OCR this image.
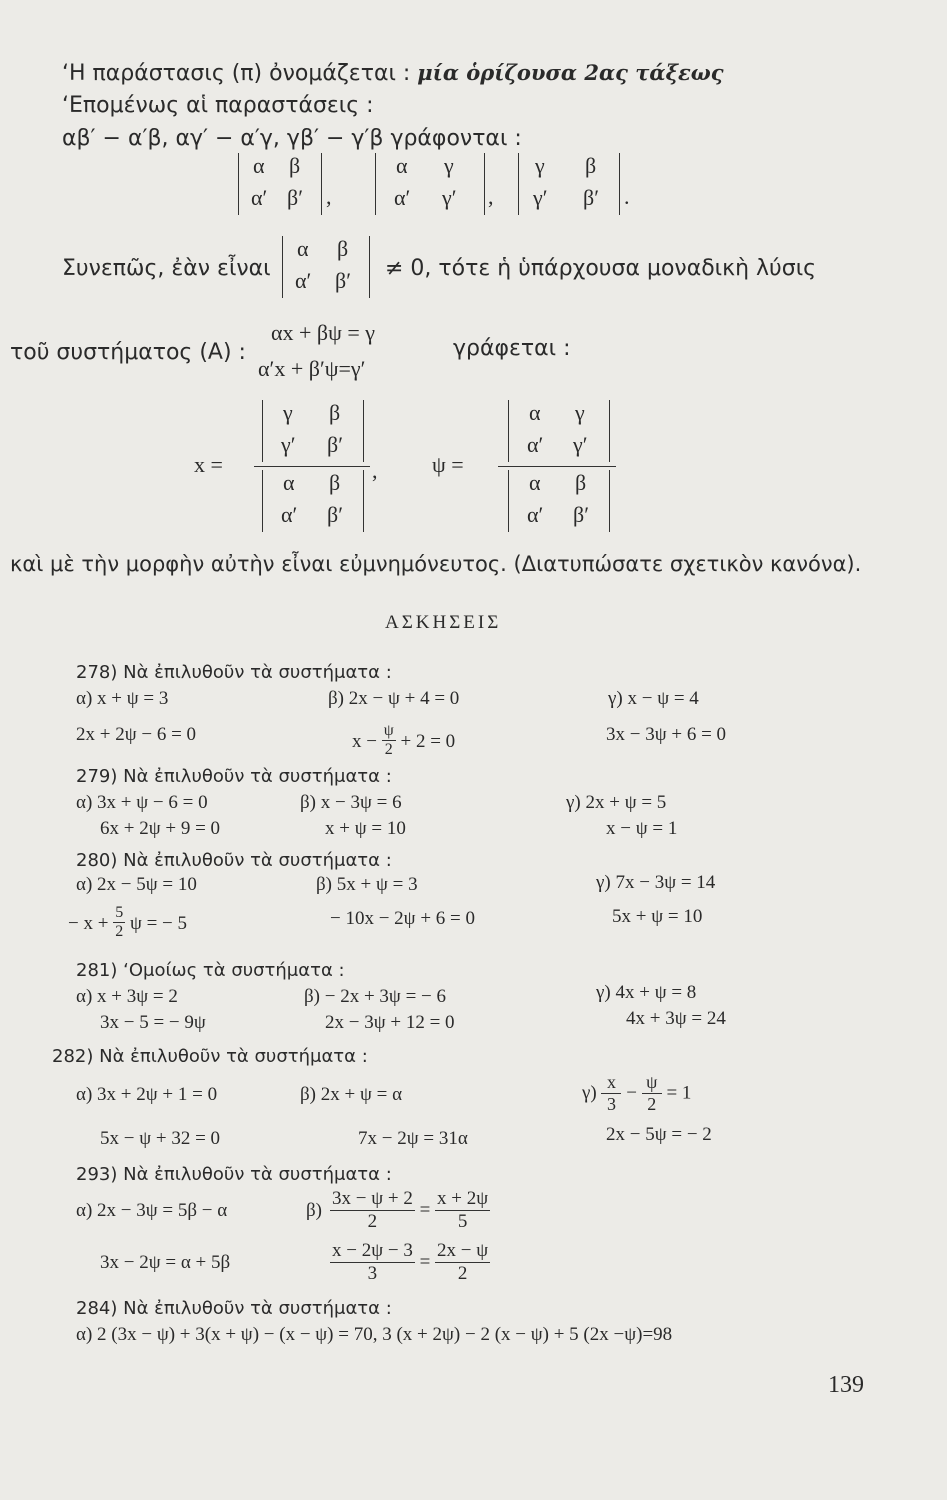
‘Η παράστασις (π) ὀνομάζεται : μία ὁρίζουσα 2ας τάξεως
‘Επομένως αἱ παραστάσεις :
αβ′ − α′β, αγ′ − α′γ, γβ′ − γ′β γράφονται :
α β
α′ β′ ,
α γ
α′ γ′ ,
γ β
γ′ β′ .
Συνεπῶς, ἐὰν εἶναι
α β
α′ β′ ≠ 0, τότε ἡ ὑπάρχουσα μοναδικὴ λύσις
τοῦ συστήματος (Α) :
αx + βψ = γ
α′x + β′ψ=γ′
γράφεται :
x =
γ β
γ′ β′
α β
α′ β′
, ψ =
α γ
α′ γ′
α β
α′ β′
καὶ μὲ τὴν μορφὴν αὐτὴν εἶναι εὐμνημόνευτος. (Διατυπώσατε σχετικὸν κανόνα).
ΑΣΚΗΣΕΙΣ
278) Νὰ ἐπιλυθοῦν τὰ συστήματα :
α) x + ψ = 3
2x + 2ψ − 6 = 0
β) 2x − ψ + 4 = 0
$x - \frac{\psi}{2} + 2 = 0$
γ) x − ψ = 4
3x − 3ψ + 6 = 0
279) Νὰ ἐπιλυθοῦν τὰ συστήματα :
α) 3x + ψ − 6 = 0
6x + 2ψ + 9 = 0
β) x − 3ψ = 6
x + ψ = 10
γ) 2x + ψ = 5
x − ψ = 1
280) Νὰ ἐπιλυθοῦν τὰ συστήματα :
α) 2x − 5ψ = 10
− $x + \frac{5}{2}$ ψ = − 5
β) 5x + ψ = 3
− 10x − 2ψ + 6 = 0
γ) 7x − 3ψ = 14
5x + ψ = 10
281) ‘Ομοίως τὰ συστήματα :
α) x + 3ψ = 2
3x − 5 = − 9ψ
β) − 2x + 3ψ = − 6
2x − 3ψ + 12 = 0
γ) 4x + ψ = 8
4x + 3ψ = 24
282) Νὰ ἐπιλυθοῦν τὰ συστήματα :
α) 3x + 2ψ + 1 = 0
5x − ψ + 32 = 0
β) 2x + ψ = α
7x − 2ψ = 31α
$\gamma) \frac{x}{3} - \frac{\psi}{2} = 1$
2x − 5ψ = − 2
293) Νὰ ἐπιλυθοῦν τὰ συστήματα :
α) 2x − 3ψ = 5β − α
3x − 2ψ = α + 5β
$\beta) \frac{3x - \psi + 2}{2} = \frac{x + 2\psi}{5}$
$\frac{x - 2\psi - 3}{3} = \frac{2x - \psi}{2}$
284) Νὰ ἐπιλυθοῦν τὰ συστήματα :
α) 2 (3x − ψ) + 3(x + ψ) − (x − ψ) = 70, 3 (x + 2ψ) − 2 (x − ψ) + 5 (2x −ψ)=98
139
